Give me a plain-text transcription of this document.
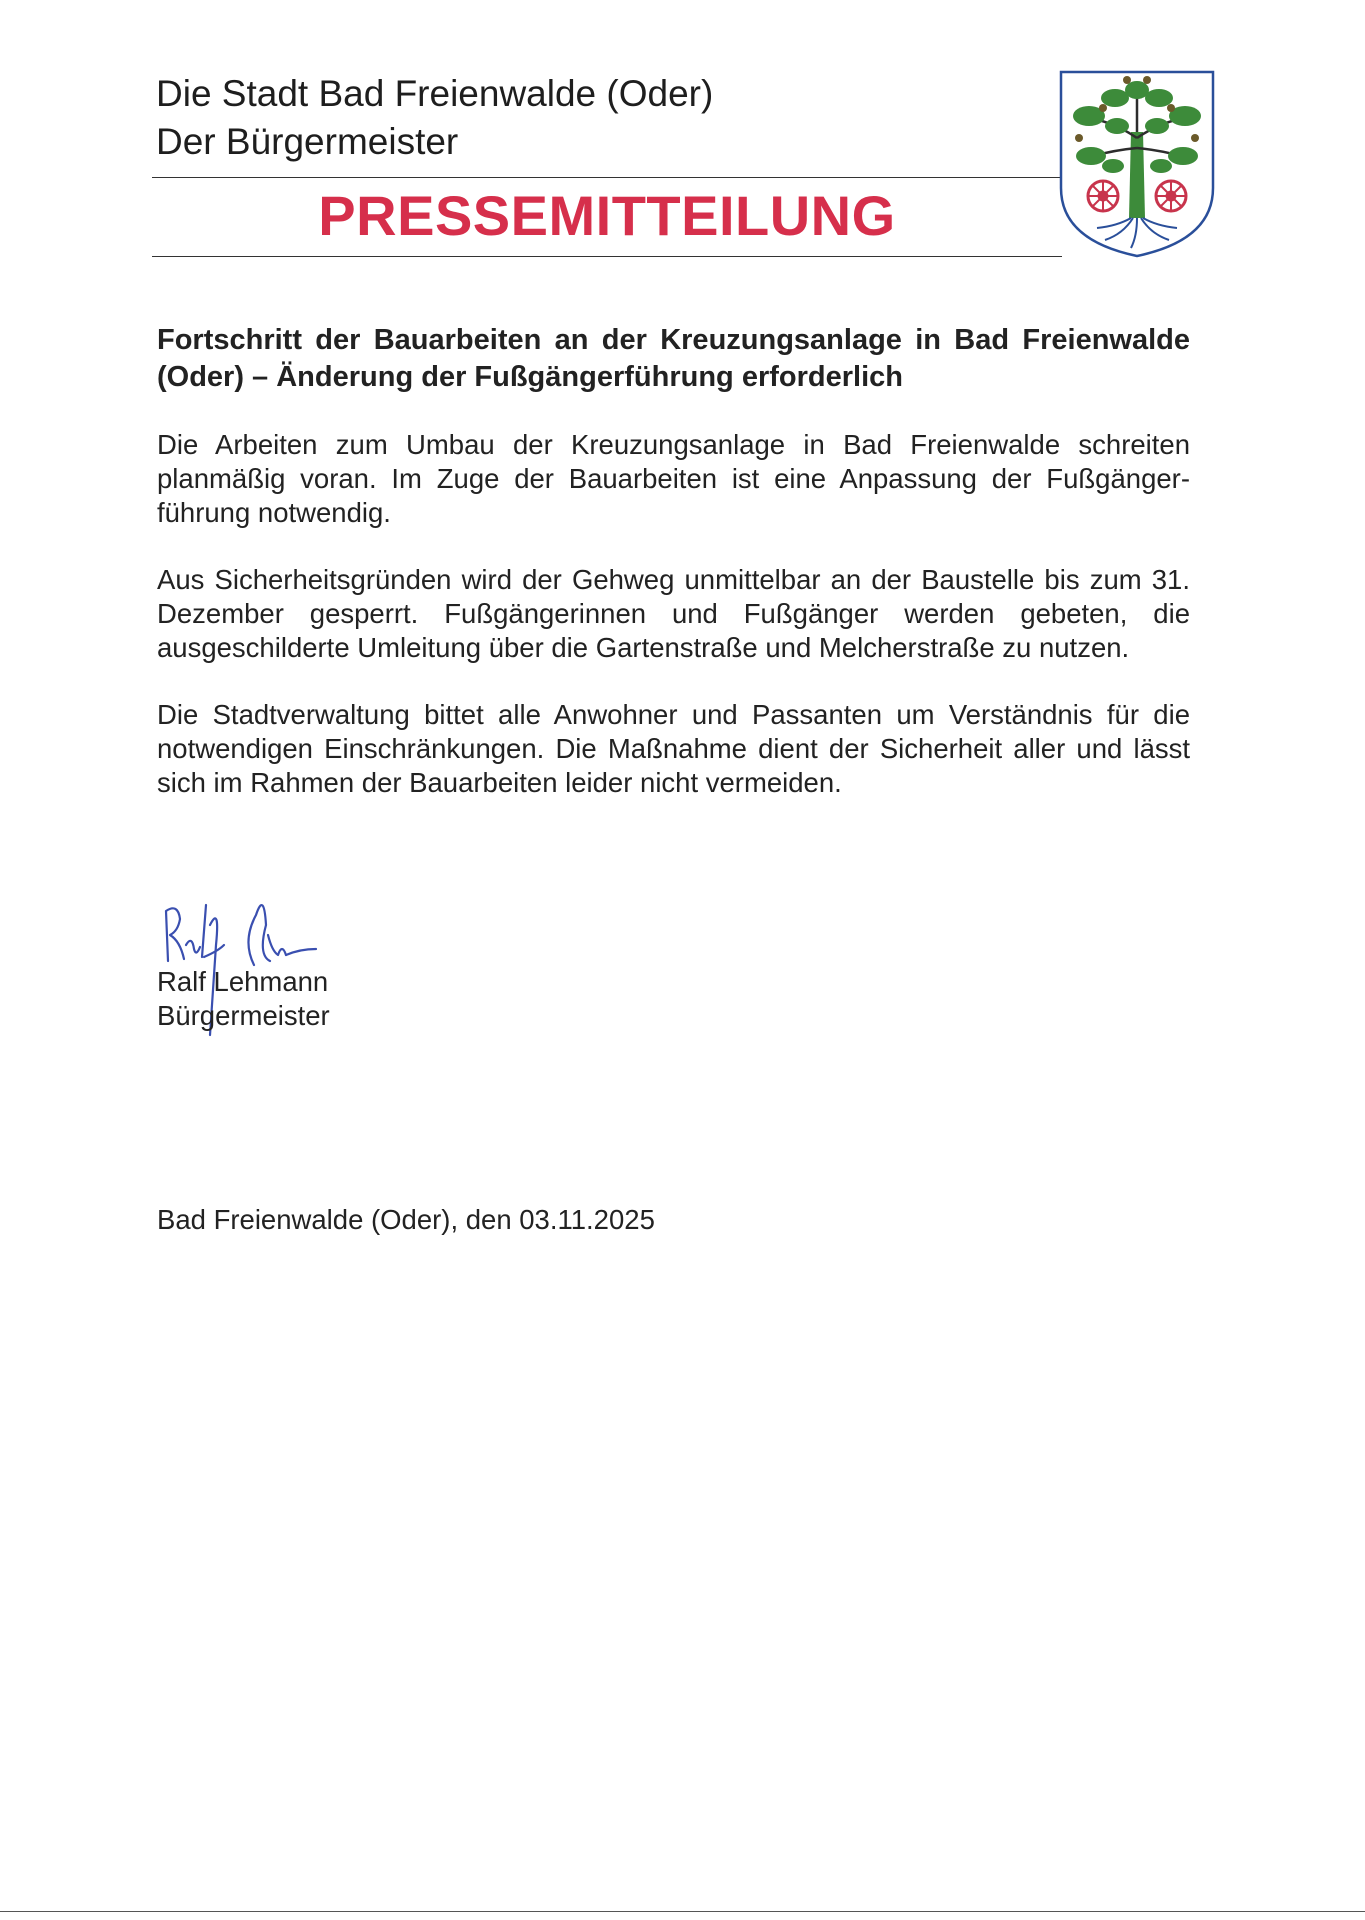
Die Stadt Bad Freienwalde (Oder)
Der Bürgermeister
PRESSEMITTEILUNG
Fortschritt der Bauarbeiten an der Kreuzungsanlage in Bad Freienwalde (Oder) – Änderung der Fußgängerführung erforderlich

Die Arbeiten zum Umbau der Kreuzungsanlage in Bad Freienwalde schreiten planmäßig voran. Im Zuge der Bauarbeiten ist eine Anpassung der Fußgängerführung notwendig.

Aus Sicherheitsgründen wird der Gehweg unmittelbar an der Baustelle bis zum 31. Dezember gesperrt. Fußgängerinnen und Fußgänger werden gebeten, die ausgeschilderte Umleitung über die Gartenstraße und Melcherstraße zu nutzen.

Die Stadtverwaltung bittet alle Anwohner und Passanten um Verständnis für die notwendigen Einschränkungen. Die Maßnahme dient der Sicherheit aller und lässt sich im Rahmen der Bauarbeiten leider nicht vermeiden.

Ralf Lehmann
Bürgermeister
Bad Freienwalde (Oder), den 03.11.2025
